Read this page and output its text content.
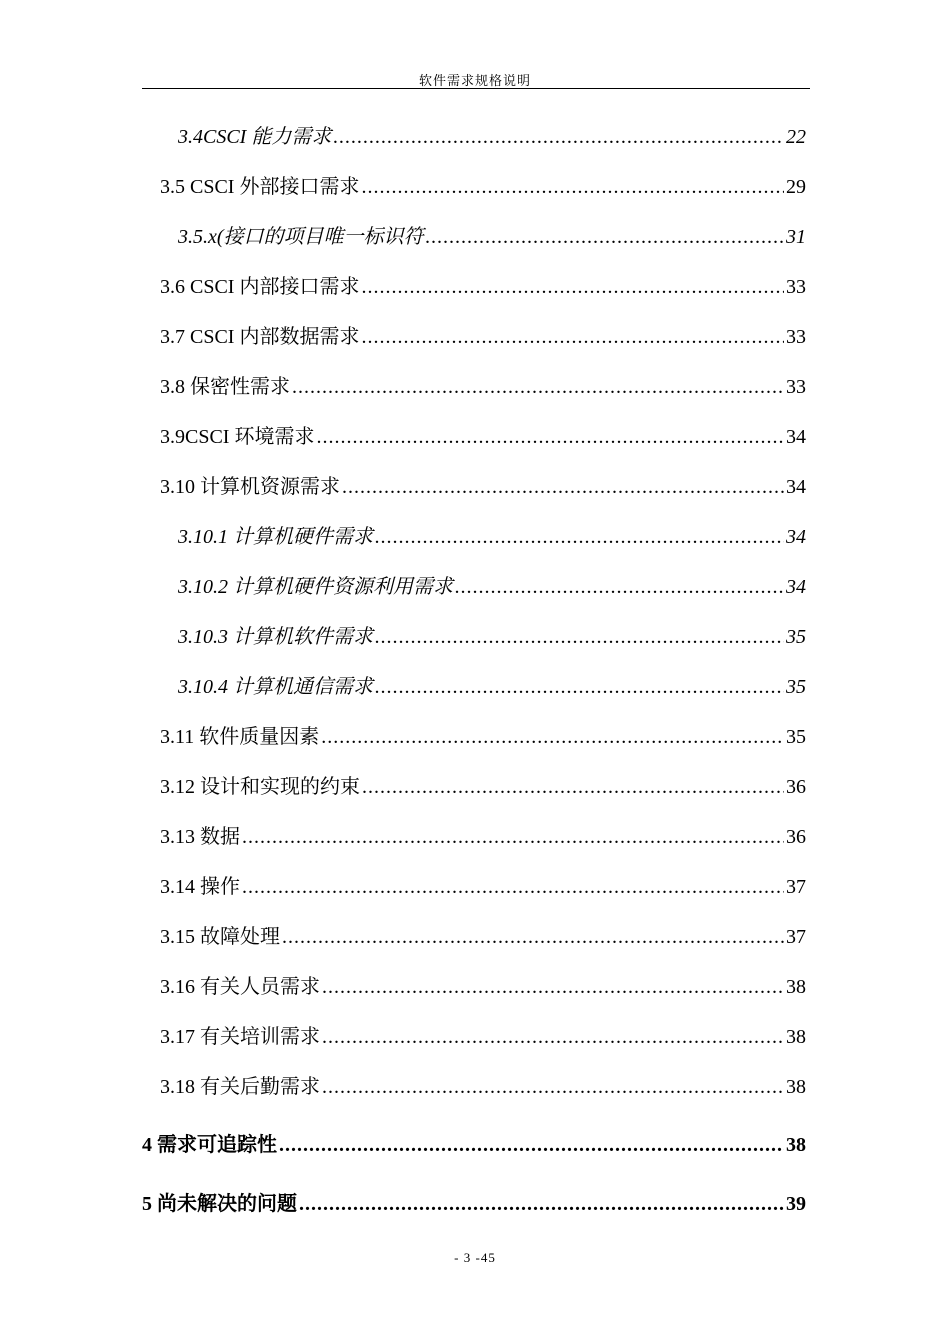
软件需求规格说明
3.4CSCI 能力需求 .....	22
3.5 CSCI 外部接口需求 .....	29
3.5.x(接口的项目唯一标识符 .....	31
3.6 CSCI 内部接口需求 .....	33
3.7 CSCI 内部数据需求 .....	33
3.8 保密性需求 .....	33
3.9CSCI 环境需求 .....	34
3.10 计算机资源需求 .....	34
3.10.1 计算机硬件需求 .....	34
3.10.2 计算机硬件资源利用需求 .....	34
3.10.3 计算机软件需求 .....	35
3.10.4 计算机通信需求 .....	35
3.11 软件质量因素 .....	35
3.12 设计和实现的约束 .....	36
3.13 数据 .....	36
3.14 操作 .....	37
3.15 故障处理 .....	37
3.16 有关人员需求 .....	38
3.17 有关培训需求 .....	38
3.18 有关后勤需求 .....	38
4 需求可追踪性 .....	38
5 尚未解决的问题 .....	39
- 3 -45
